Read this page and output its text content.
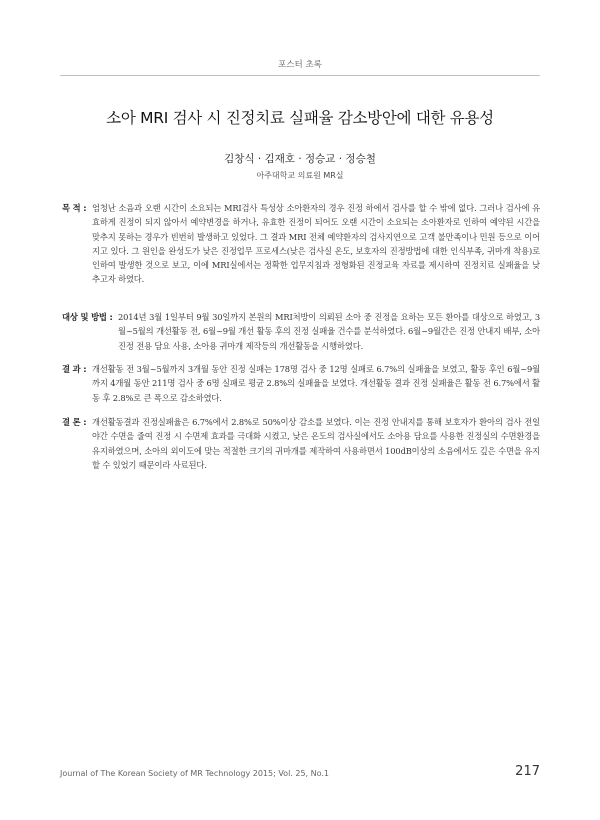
포스터 초록
소아 MRI 검사 시 진정치료 실패율 감소방안에 대한 유용성
김창식 · 김재호 · 정승교 · 정승철
아주대학교 의료원 MR실
목 적 : 엄청난 소음과 오랜 시간이 소요되는 MRI검사 특성상 소아환자의 경우 진정 하에서 검사를 할 수 밖에 없다. 그러나 검사에 유효하게 진정이 되지 않아서 예약변경을 하거나, 유효한 진정이 되어도 오랜 시간이 소요되는 소아환자로 인하여 예약된 시간을 맞추지 못하는 경우가 빈번히 발생하고 있었다. 그 결과 MRI 전체 예약환자의 검사지연으로 고객 불만족이나 민원 등으로 이어지고 있다. 그 원인을 완성도가 낮은 진정업무 프로세스(낮은 검사실 온도, 보호자의 진정방법에 대한 인식부족, 귀마개 착용)로 인하여 발생한 것으로 보고, 이에 MRI실에서는 정확한 업무지침과 정형화된 진정교육 자료를 제시하여 진정치료 실패율을 낮추고자 하였다.
대상 및 방법 : 2014년 3월 1일부터 9월 30일까지 본원의 MRI처방이 의뢰된 소아 중 진정을 요하는 모든 환아를 대상으로 하였고, 3월~5월의 개선활동 전, 6월~9월 개선 활동 후의 진정 실패율 건수를 분석하였다. 6월~9월간은 진정 안내지 배부, 소아진정 전용 담요 사용, 소아용 귀마개 제작등의 개선활동을 시행하였다.
결 과 : 개선활동 전 3월~5월까지 3개월 동안 진정 실패는 178명 검사 중 12명 실패로 6.7%의 실패율을 보였고, 활동 후인 6월~9월까지 4개월 동안 211명 검사 중 6명 실패로 평균 2.8%의 실패율을 보였다. 개선활동 결과 진정 실패율은 활동 전 6.7%에서 활동 후 2.8%로 큰 폭으로 감소하였다.
결 론 : 개선활동결과 진정실패율은 6.7%에서 2.8%로 50%이상 감소를 보였다. 이는 진정 안내지를 통해 보호자가 환아의 검사 전일 야간 수면을 줄여 진정 시 수면제 효과를 극대화 시켰고, 낮은 온도의 검사실에서도 소아용 담요를 사용한 진정실의 수면환경을 유지하였으며, 소아의 외이도에 맞는 적절한 크기의 귀마개를 제작하여 사용하면서 100dB이상의 소음에서도 깊은 수면을 유지할 수 있었기 때문이라 사료된다.
Journal of The Korean Society of MR Technology 2015; Vol. 25, No.1	217
